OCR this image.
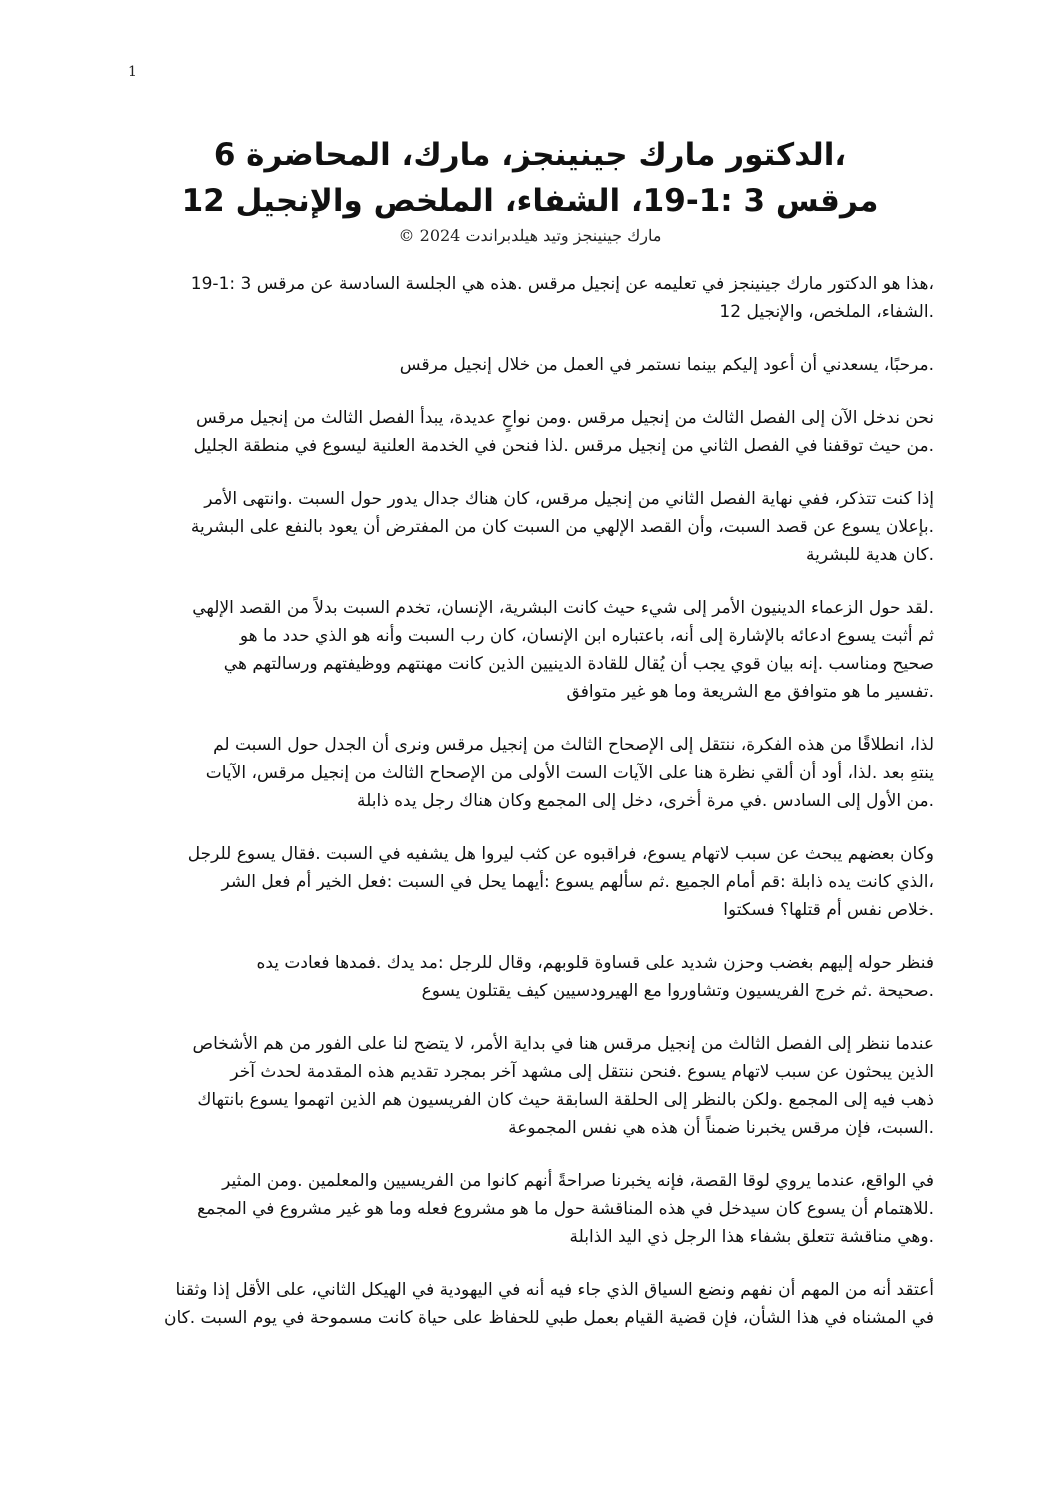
1
،الدكتور مارك جينينجز، مارك، المحاضرة 6
مرقس 3 :1-19، الشفاء، الملخص والإنجيل 12
مارك جينينجز وتيد هيلدبراندت 2024 ©

،هذا هو الدكتور مارك جينينجز في تعليمه عن إنجيل مرقس .هذه هي الجلسة السادسة عن مرقس 3 :1-19
.الشفاء، الملخص، والإنجيل 12

.مرحبًا، يسعدني أن أعود إليكم بينما نستمر في العمل من خلال إنجيل مرقس

نحن ندخل الآن إلى الفصل الثالث من إنجيل مرقس .ومن نواحٍ عديدة، يبدأ الفصل الثالث من إنجيل مرقس
.من حيث توقفنا في الفصل الثاني من إنجيل مرقس .لذا فنحن في الخدمة العلنية ليسوع في منطقة الجليل

إذا كنت تتذكر، ففي نهاية الفصل الثاني من إنجيل مرقس، كان هناك جدال يدور حول السبت .وانتهى الأمر
.بإعلان يسوع عن قصد السبت، وأن القصد الإلهي من السبت كان من المفترض أن يعود بالنفع على البشرية
.كان هدية للبشرية

.لقد حول الزعماء الدينيون الأمر إلى شيء حيث كانت البشرية، الإنسان، تخدم السبت بدلاً من القصد الإلهي
ثم أثبت يسوع ادعائه بالإشارة إلى أنه، باعتباره ابن الإنسان، كان رب السبت وأنه هو الذي حدد ما هو
صحيح ومناسب .إنه بيان قوي يجب أن يُقال للقادة الدينيين الذين كانت مهنتهم ووظيفتهم ورسالتهم هي
.تفسير ما هو متوافق مع الشريعة وما هو غير متوافق

لذا، انطلاقًا من هذه الفكرة، ننتقل إلى الإصحاح الثالث من إنجيل مرقس ونرى أن الجدل حول السبت لم
ينتهِ بعد .لذا، أود أن ألقي نظرة هنا على الآيات الست الأولى من الإصحاح الثالث من إنجيل مرقس، الآيات
.من الأول إلى السادس .في مرة أخرى، دخل إلى المجمع وكان هناك رجل يده ذابلة

وكان بعضهم يبحث عن سبب لاتهام يسوع، فراقبوه عن كثب ليروا هل يشفيه في السبت .فقال يسوع للرجل
،الذي كانت يده ذابلة :قم أمام الجميع .ثم سألهم يسوع :أيهما يحل في السبت :فعل الخير أم فعل الشر
.خلاص نفس أم قتلها؟ فسكتوا

فنظر حوله إليهم بغضب وحزن شديد على قساوة قلوبهم، وقال للرجل :مد يدك .فمدها فعادت يده
.صحيحة .ثم خرج الفريسيون وتشاوروا مع الهيرودسيين كيف يقتلون يسوع

عندما ننظر إلى الفصل الثالث من إنجيل مرقس هنا في بداية الأمر، لا يتضح لنا على الفور من هم الأشخاص
الذين يبحثون عن سبب لاتهام يسوع .فنحن ننتقل إلى مشهد آخر بمجرد تقديم هذه المقدمة لحدث آخر
ذهب فيه إلى المجمع .ولكن بالنظر إلى الحلقة السابقة حيث كان الفريسيون هم الذين اتهموا يسوع بانتهاك
.السبت، فإن مرقس يخبرنا ضمناً أن هذه هي نفس المجموعة

في الواقع، عندما يروي لوقا القصة، فإنه يخبرنا صراحةً أنهم كانوا من الفريسيين والمعلمين .ومن المثير
.للاهتمام أن يسوع كان سيدخل في هذه المناقشة حول ما هو مشروع فعله وما هو غير مشروع في المجمع
.وهي مناقشة تتعلق بشفاء هذا الرجل ذي اليد الذابلة

أعتقد أنه من المهم أن نفهم ونضع السياق الذي جاء فيه أنه في اليهودية في الهيكل الثاني، على الأقل إذا وثقنا
في المشناه في هذا الشأن، فإن قضية القيام بعمل طبي للحفاظ على حياة كانت مسموحة في يوم السبت .كان
